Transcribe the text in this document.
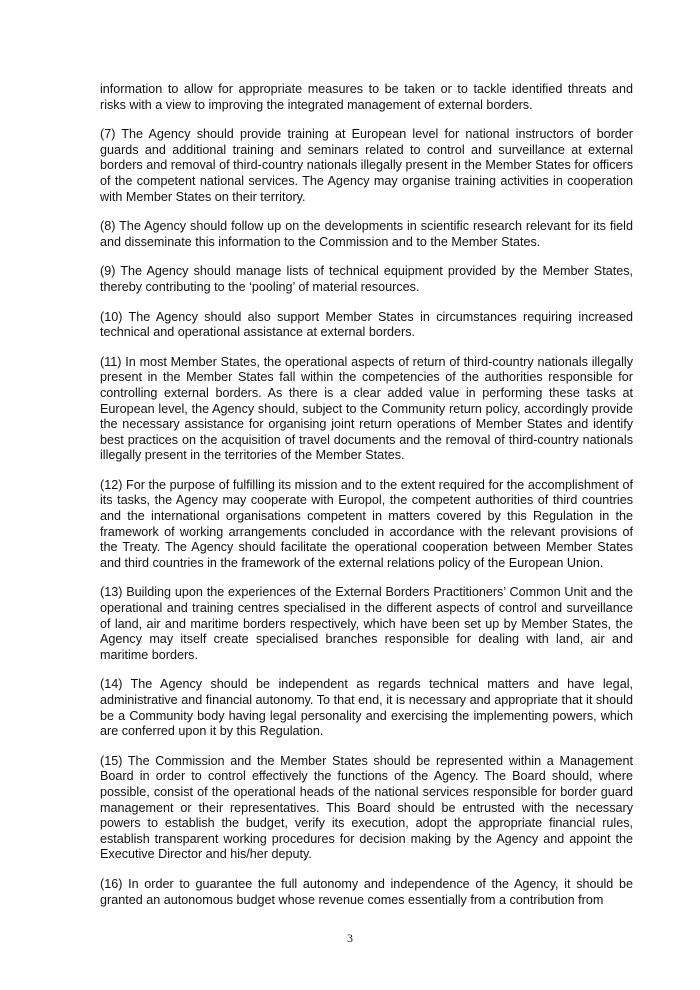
information to allow for appropriate measures to be taken or to tackle identified threats and risks with a view to improving the integrated management of external borders.

(7) The Agency should provide training at European level for national instructors of border guards and additional training and seminars related to control and surveillance at external borders and removal of third-country nationals illegally present in the Member States for officers of the competent national services. The Agency may organise training activities in cooperation with Member States on their territory.

(8) The Agency should follow up on the developments in scientific research relevant for its field and disseminate this information to the Commission and to the Member States.

(9) The Agency should manage lists of technical equipment provided by the Member States, thereby contributing to the ‘pooling’ of material resources.

(10) The Agency should also support Member States in circumstances requiring increased technical and operational assistance at external borders.

(11) In most Member States, the operational aspects of return of third-country nationals illegally present in the Member States fall within the competencies of the authorities responsible for controlling external borders. As there is a clear added value in performing these tasks at European level, the Agency should, subject to the Community return policy, accordingly provide the necessary assistance for organising joint return operations of Member States and identify best practices on the acquisition of travel documents and the removal of third-country nationals illegally present in the territories of the Member States.

(12) For the purpose of fulfilling its mission and to the extent required for the accomplishment of its tasks, the Agency may cooperate with Europol, the competent authorities of third countries and the international organisations competent in matters covered by this Regulation in the framework of working arrangements concluded in accordance with the relevant provisions of the Treaty. The Agency should facilitate the operational cooperation between Member States and third countries in the framework of the external relations policy of the European Union.

(13) Building upon the experiences of the External Borders Practitioners’ Common Unit and the operational and training centres specialised in the different aspects of control and surveillance of land, air and maritime borders respectively, which have been set up by Member States, the Agency may itself create specialised branches responsible for dealing with land, air and maritime borders.

(14) The Agency should be independent as regards technical matters and have legal, administrative and financial autonomy. To that end, it is necessary and appropriate that it should be a Community body having legal personality and exercising the implementing powers, which are conferred upon it by this Regulation.

(15) The Commission and the Member States should be represented within a Management Board in order to control effectively the functions of the Agency. The Board should, where possible, consist of the operational heads of the national services responsible for border guard management or their representatives. This Board should be entrusted with the necessary powers to establish the budget, verify its execution, adopt the appropriate financial rules, establish transparent working procedures for decision making by the Agency and appoint the Executive Director and his/her deputy.

(16) In order to guarantee the full autonomy and independence of the Agency, it should be granted an autonomous budget whose revenue comes essentially from a contribution from

3
